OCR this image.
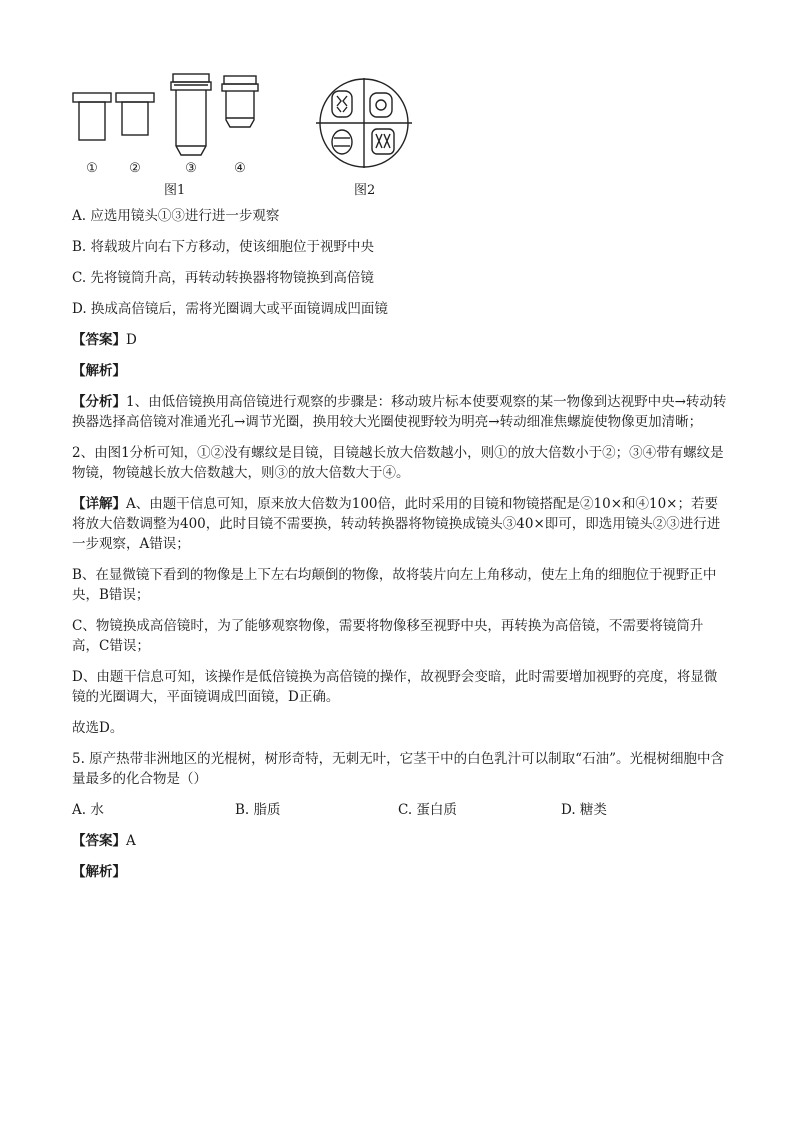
① ②	③	④
图1	图2

A. 应选用镜头①③进行进一步观察

B. 将载玻片向右下方移动，使该细胞位于视野中央

C. 先将镜筒升高，再转动转换器将物镜换到高倍镜

D. 换成高倍镜后，需将光圈调大或平面镜调成凹面镜

【答案】D

【解析】

【分析】1、由低倍镜换用高倍镜进行观察的步骤是：移动玻片标本使要观察的某一物像到达视野中央→转动转换器选择高倍镜对准通光孔→调节光圈，换用较大光圈使视野较为明亮→转动细准焦螺旋使物像更加清晰；

2、由图1分析可知，①②没有螺纹是目镜，目镜越长放大倍数越小，则①的放大倍数小于②；③④带有螺纹是物镜，物镜越长放大倍数越大，则③的放大倍数大于④。

【详解】A、由题干信息可知，原来放大倍数为100倍，此时采用的目镜和物镜搭配是②10×和④10×；若要将放大倍数调整为400，此时目镜不需要换，转动转换器将物镜换成镜头③40×即可，即选用镜头②③进行进一步观察，A错误；

B、在显微镜下看到的物像是上下左右均颠倒的物像，故将装片向左上角移动，使左上角的细胞位于视野正中央，B错误；

C、物镜换成高倍镜时，为了能够观察物像，需要将物像移至视野中央，再转换为高倍镜，不需要将镜筒升高，C错误；

D、由题干信息可知，该操作是低倍镜换为高倍镜的操作，故视野会变暗，此时需要增加视野的亮度，将显微镜的光圈调大，平面镜调成凹面镜，D正确。

故选D。

5. 原产热带非洲地区的光棍树，树形奇特，无刺无叶，它茎干中的白色乳汁可以制取“石油”。光棍树细胞中含量最多的化合物是（）

A. 水	B. 脂质	C. 蛋白质	D. 糖类

【答案】A

【解析】
